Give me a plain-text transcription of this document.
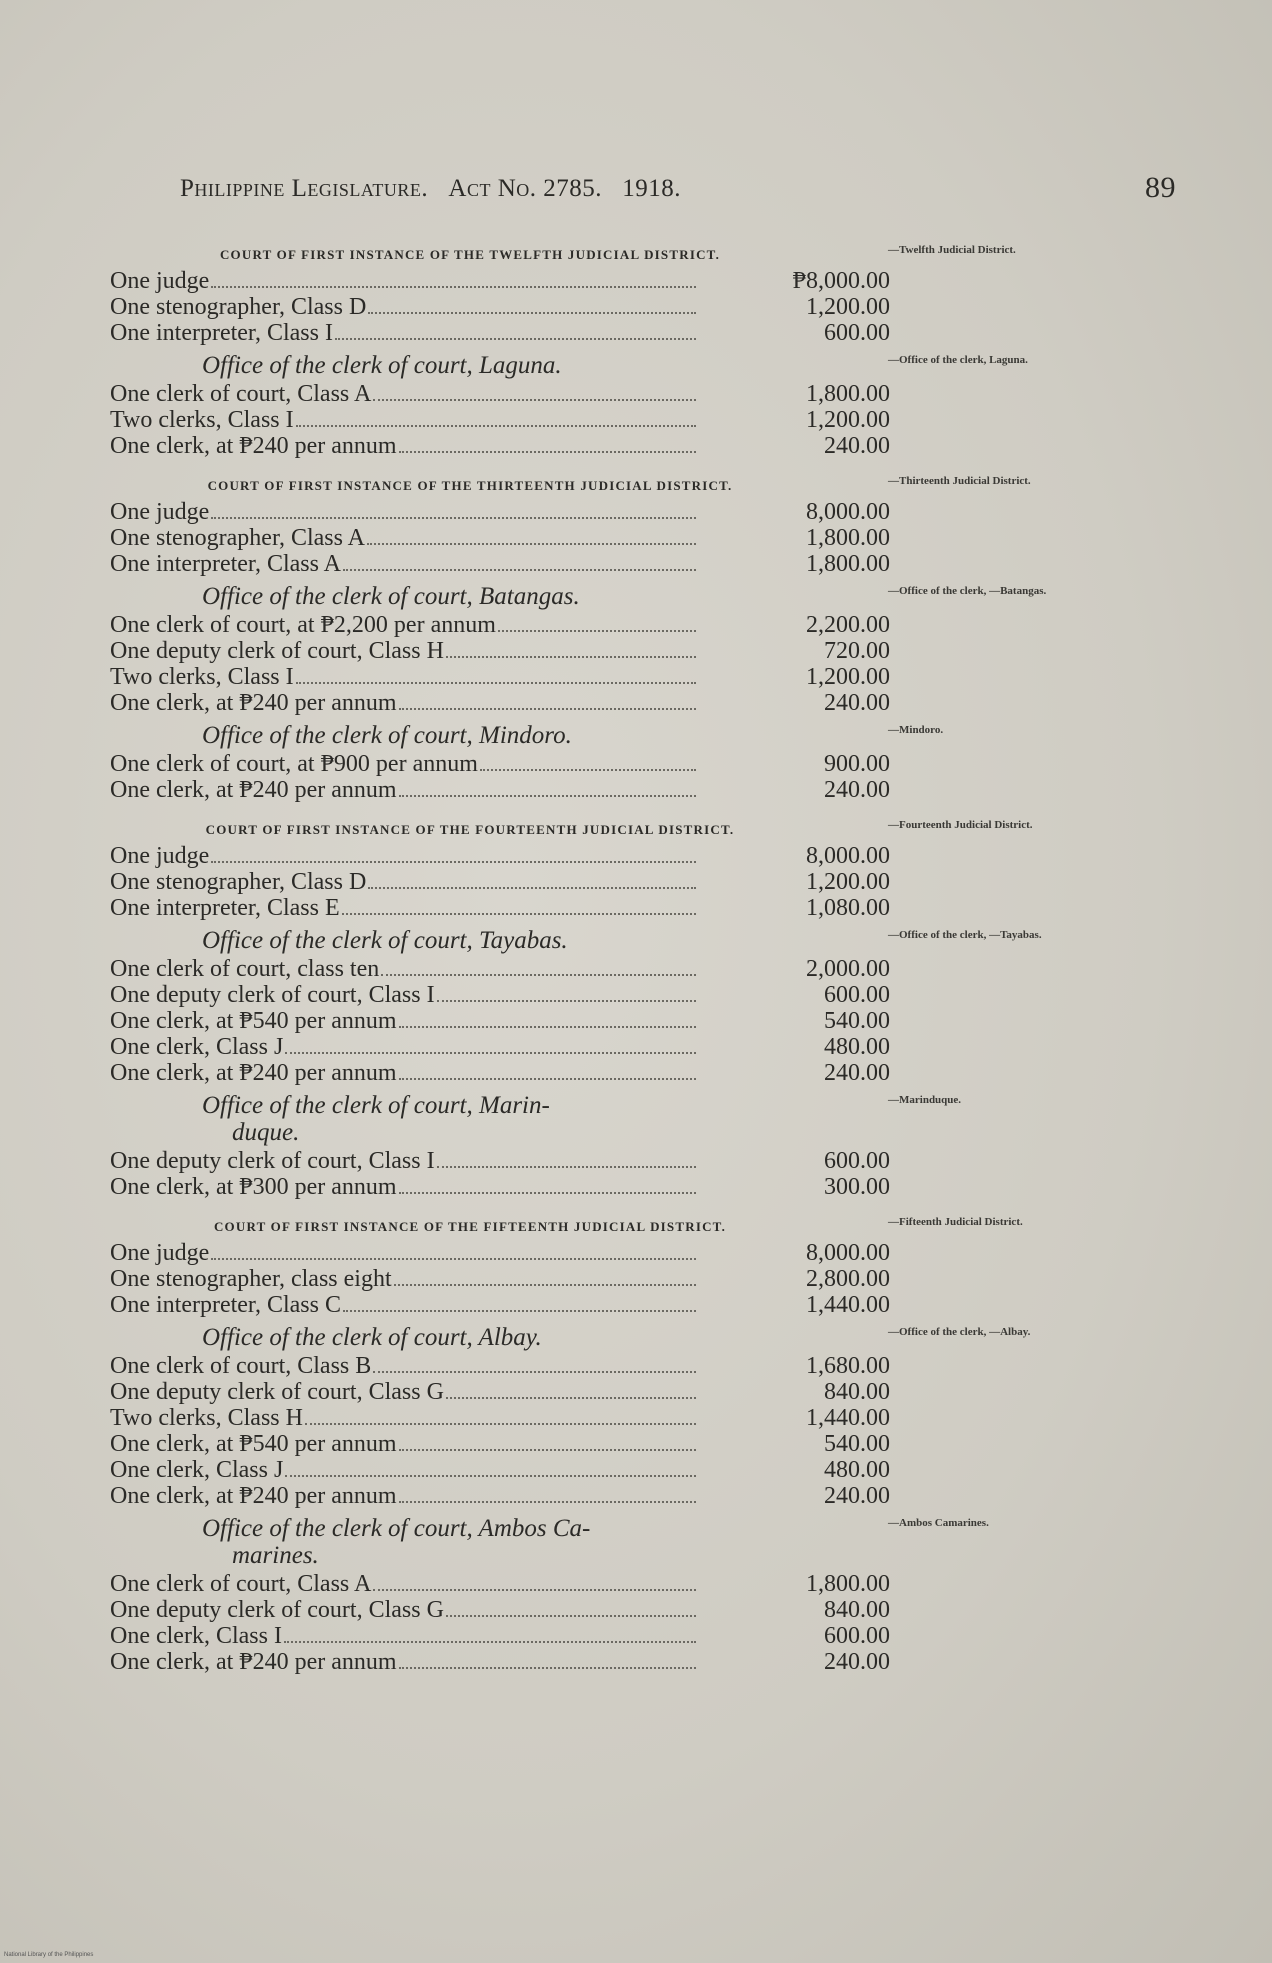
Philippine Legislature. Act No. 2785. 1918.	89
COURT OF FIRST INSTANCE OF THE TWELFTH JUDICIAL DISTRICT.
One judge	₱8,000.00
One stenographer, Class D	1,200.00
One interpreter, Class I	600.00
Office of the clerk of court, Laguna.
One clerk of court, Class A	1,800.00
Two clerks, Class I	1,200.00
One clerk, at ₱240 per annum	240.00
COURT OF FIRST INSTANCE OF THE THIRTEENTH JUDICIAL DISTRICT.
One judge	8,000.00
One stenographer, Class A	1,800.00
One interpreter, Class A	1,800.00
Office of the clerk of court, Batangas.
One clerk of court, at ₱2,200 per annum	2,200.00
One deputy clerk of court, Class H	720.00
Two clerks, Class I	1,200.00
One clerk, at ₱240 per annum	240.00
Office of the clerk of court, Mindoro.
One clerk of court, at ₱900 per annum	900.00
One clerk, at ₱240 per annum	240.00
COURT OF FIRST INSTANCE OF THE FOURTEENTH JUDICIAL DISTRICT.
One judge	8,000.00
One stenographer, Class D	1,200.00
One interpreter, Class E	1,080.00
Office of the clerk of court, Tayabas.
One clerk of court, class ten	2,000.00
One deputy clerk of court, Class I	600.00
One clerk, at ₱540 per annum	540.00
One clerk, Class J	480.00
One clerk, at ₱240 per annum	240.00
Office of the clerk of court, Marin-
duque.
One deputy clerk of court, Class I	600.00
One clerk, at ₱300 per annum	300.00
COURT OF FIRST INSTANCE OF THE FIFTEENTH JUDICIAL DISTRICT.
One judge	8,000.00
One stenographer, class eight	2,800.00
One interpreter, Class C	1,440.00
Office of the clerk of court, Albay.
One clerk of court, Class B	1,680.00
One deputy clerk of court, Class G	840.00
Two clerks, Class H	1,440.00
One clerk, at ₱540 per annum	540.00
One clerk, Class J	480.00
One clerk, at ₱240 per annum	240.00
Office of the clerk of court, Ambos Ca-
marines.
One clerk of court, Class A	1,800.00
One deputy clerk of court, Class G	840.00
One clerk, Class I	600.00
One clerk, at ₱240 per annum	240.00
—Twelfth Judicial District.
—Office of the clerk, Laguna.
—Thirteenth Judicial District.
—Office of the clerk, —Batangas.
—Mindoro.
—Fourteenth Judicial District.
—Office of the clerk, —Tayabas.
—Marinduque.
—Fifteenth Judicial District.
—Office of the clerk, —Albay.
—Ambos Camarines.
National Library of the Philippines
